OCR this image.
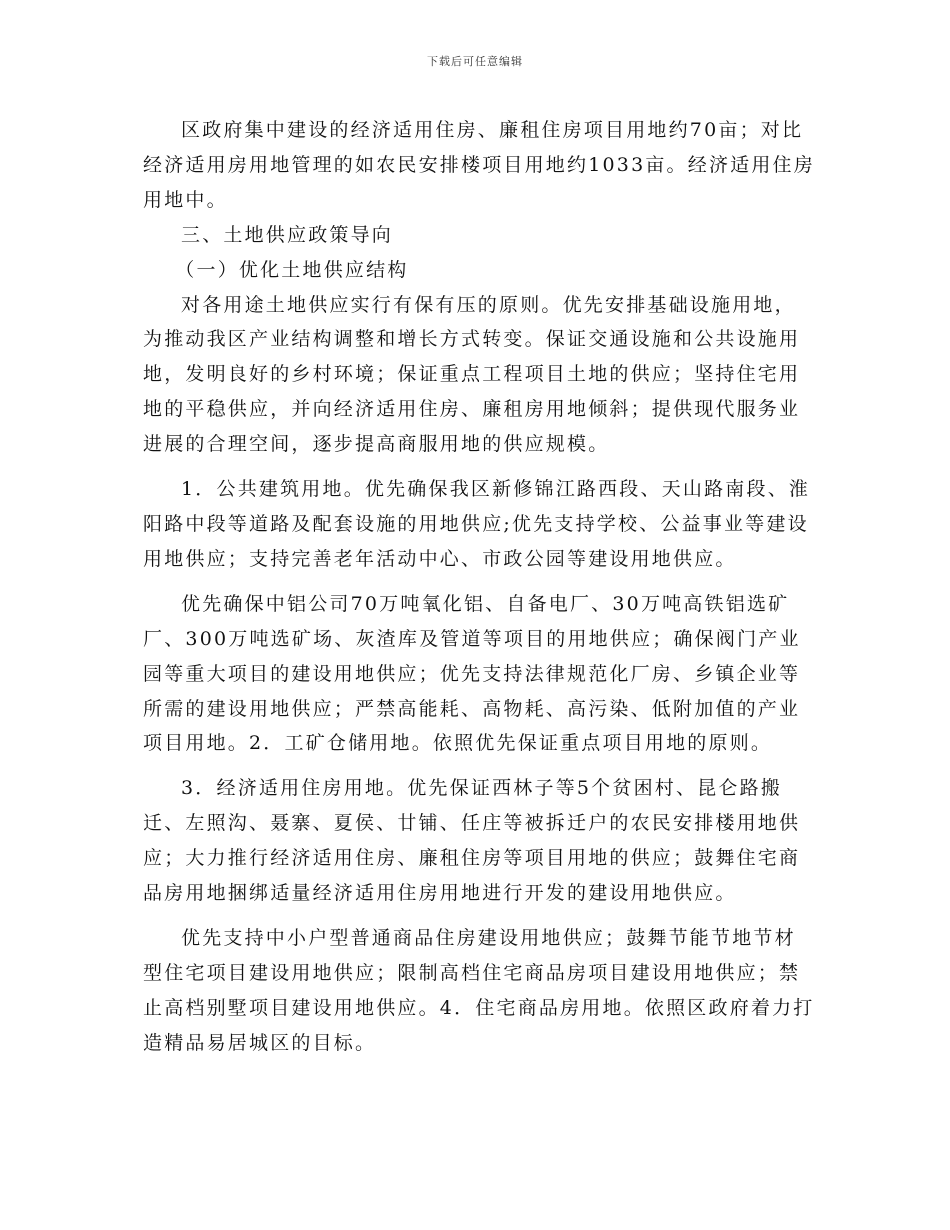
下载后可任意编辑

区政府集中建设的经济适用住房、廉租住房项目用地约70亩；对比经济适用房用地管理的如农民安排楼项目用地约1033亩。经济适用住房用地中。

三、土地供应政策导向

（一）优化土地供应结构

对各用途土地供应实行有保有压的原则。优先安排基础设施用地，为推动我区产业结构调整和增长方式转变。保证交通设施和公共设施用地，发明良好的乡村环境；保证重点工程项目土地的供应；坚持住宅用地的平稳供应，并向经济适用住房、廉租房用地倾斜；提供现代服务业进展的合理空间，逐步提高商服用地的供应规模。

1．公共建筑用地。优先确保我区新修锦江路西段、天山路南段、淮阳路中段等道路及配套设施的用地供应;优先支持学校、公益事业等建设用地供应；支持完善老年活动中心、市政公园等建设用地供应。

优先确保中铝公司70万吨氧化铝、自备电厂、30万吨高铁铝选矿厂、300万吨选矿场、灰渣库及管道等项目的用地供应；确保阀门产业园等重大项目的建设用地供应；优先支持法律规范化厂房、乡镇企业等所需的建设用地供应；严禁高能耗、高物耗、高污染、低附加值的产业项目用地。2．工矿仓储用地。依照优先保证重点项目用地的原则。

3．经济适用住房用地。优先保证西林子等5个贫困村、昆仑路搬迁、左照沟、聂寨、夏侯、廿铺、任庄等被拆迁户的农民安排楼用地供应；大力推行经济适用住房、廉租住房等项目用地的供应；鼓舞住宅商品房用地捆绑适量经济适用住房用地进行开发的建设用地供应。

优先支持中小户型普通商品住房建设用地供应；鼓舞节能节地节材型住宅项目建设用地供应；限制高档住宅商品房项目建设用地供应；禁止高档别墅项目建设用地供应。4．住宅商品房用地。依照区政府着力打造精品易居城区的目标。
